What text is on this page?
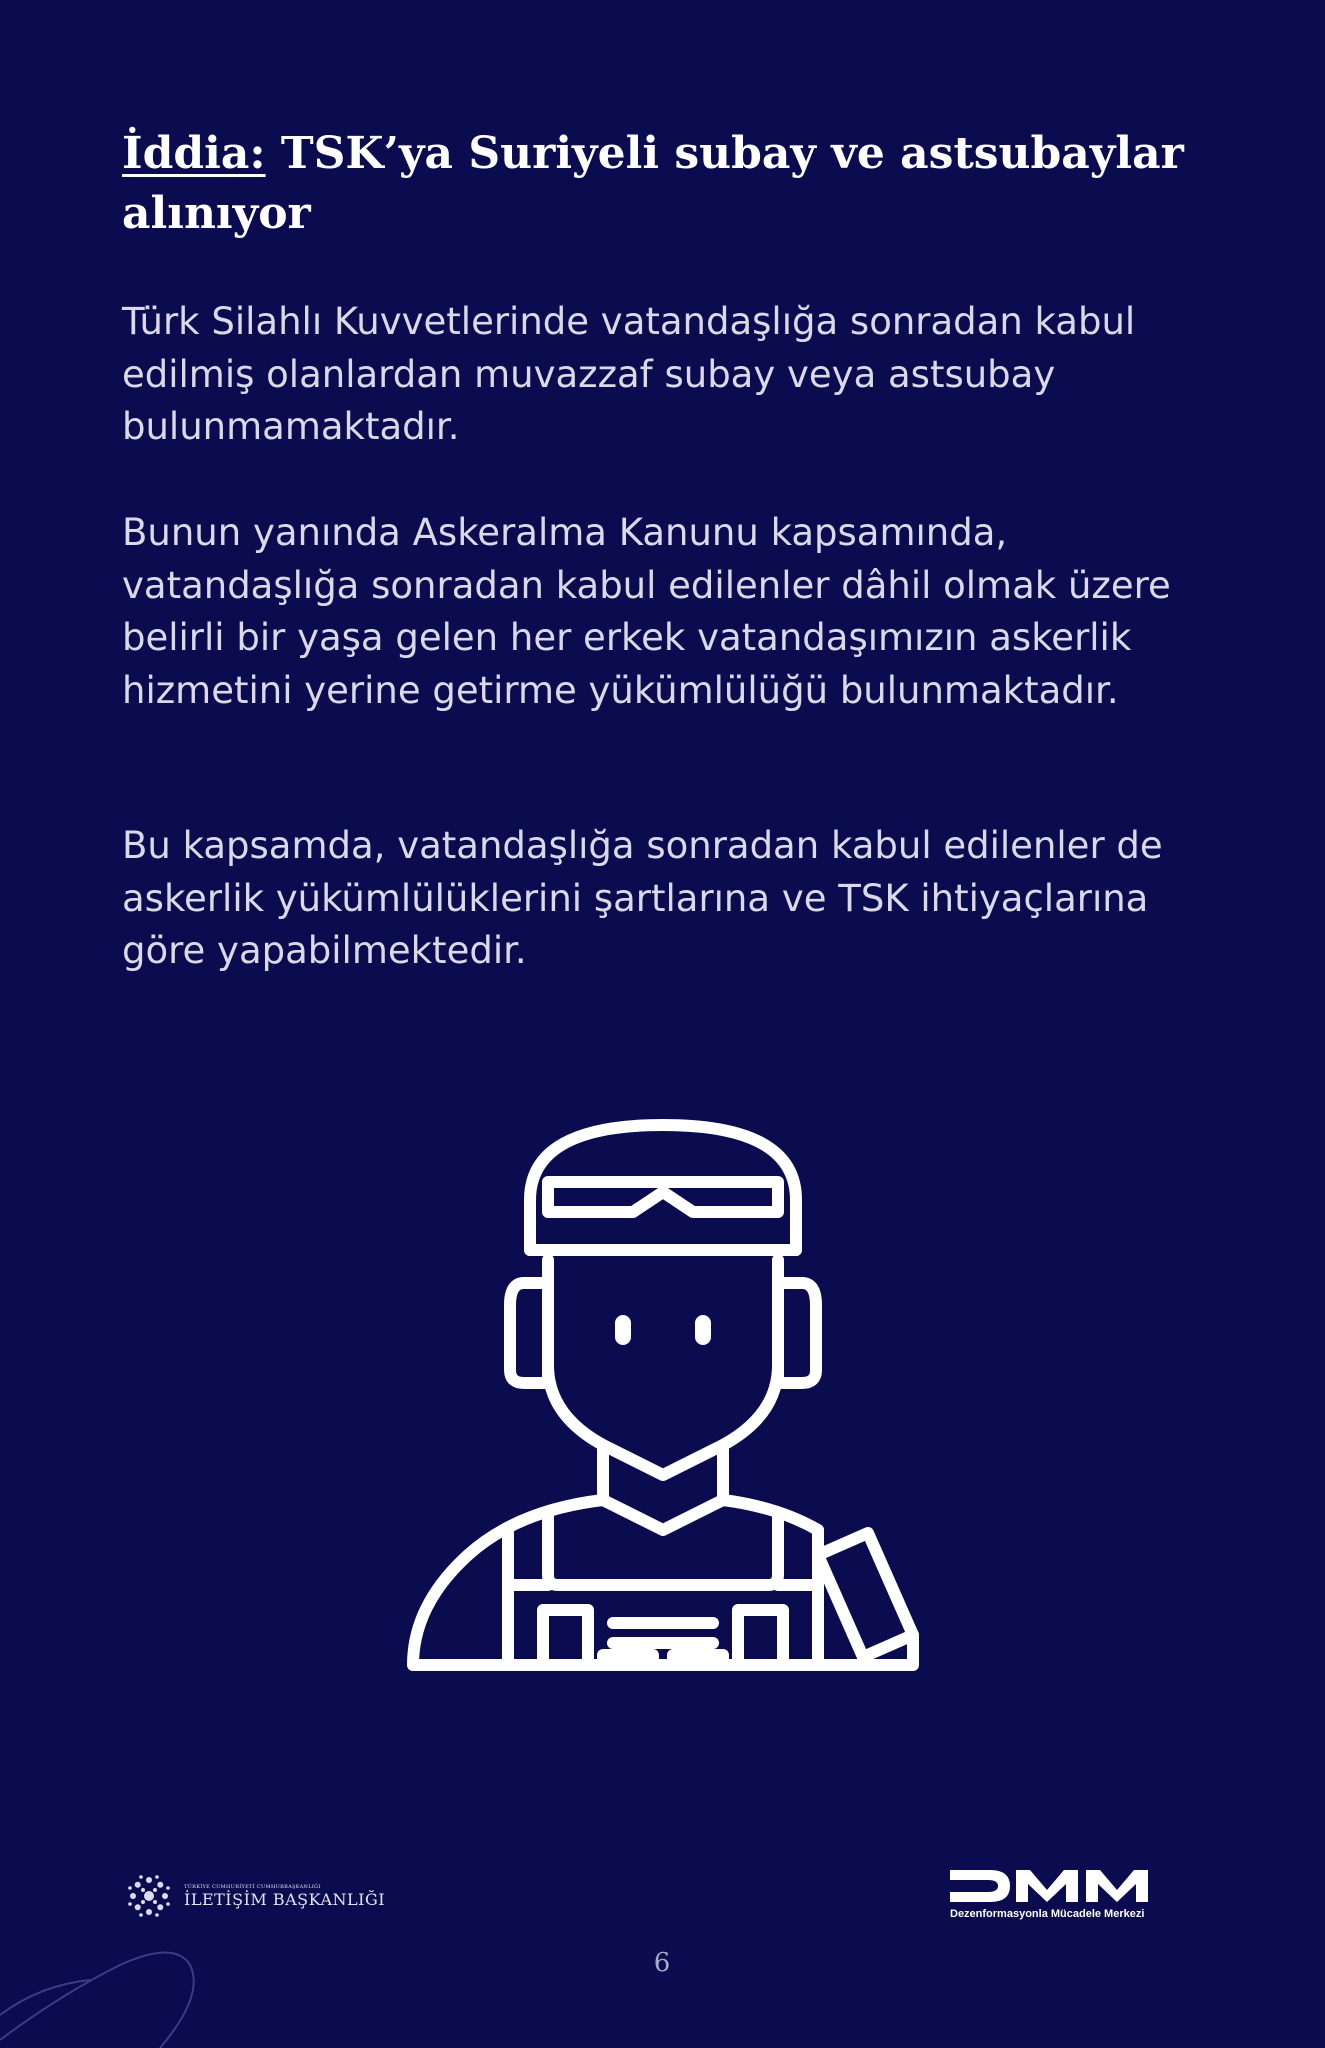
İddia: TSK’ya Suriyeli subay ve astsubaylar alınıyor

Türk Silahlı Kuvvetlerinde vatandaşlığa sonradan kabul edilmiş olanlardan muvazzaf subay veya astsubay bulunmamaktadır.

Bunun yanında Askeralma Kanunu kapsamında, vatandaşlığa sonradan kabul edilenler dâhil olmak üzere belirli bir yaşa gelen her erkek vatandaşımızın askerlik hizmetini yerine getirme yükümlülüğü bulunmaktadır.

Bu kapsamda, vatandaşlığa sonradan kabul edilenler de askerlik yükümlülüklerini şartlarına ve TSK ihtiyaçlarına göre yapabilmektedir.

TÜRKİYE CUMHURİYETİ CUMHURBAŞKANLIĞI
İLETİŞİM BAŞKANLIĞI
Dezenformasyonla Mücadele Merkezi
6
